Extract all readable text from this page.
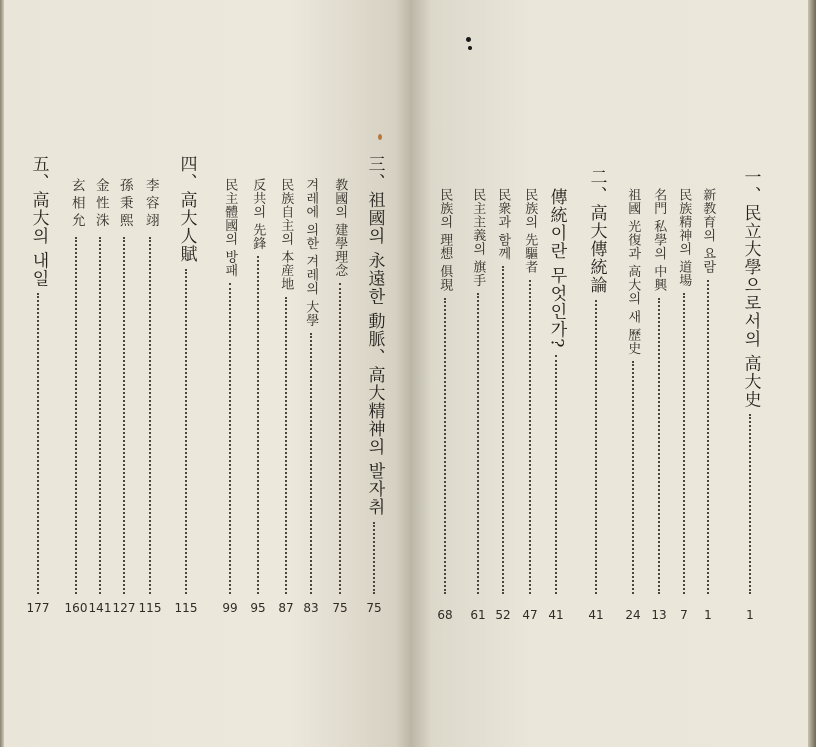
一、民立大學으로서의 高大史
1
新教育의 요람
1
民族精神의 道場
7
名門 私學의 中興
13
祖國 光復과 高大의 새 歷史
24
二、高大傳統論
41
傳統이란 무엇인가?
41
民族의 先驅者
47
民衆과 함께
52
民主主義의 旗手
61
民族의 理想 俱現
68
三、祖國의 永遠한 動脈、高大精神의 발자취
75
教國의 建學理念
75
겨레에 의한 겨레의 大學
83
民族自主의 本産地
87
反共의 先鋒
95
民主體國의 방패
99
四、高大人賦
115
李容翊
115
孫秉熙
127
金性洙
141
玄相允
160
五、高大의 내일
177
